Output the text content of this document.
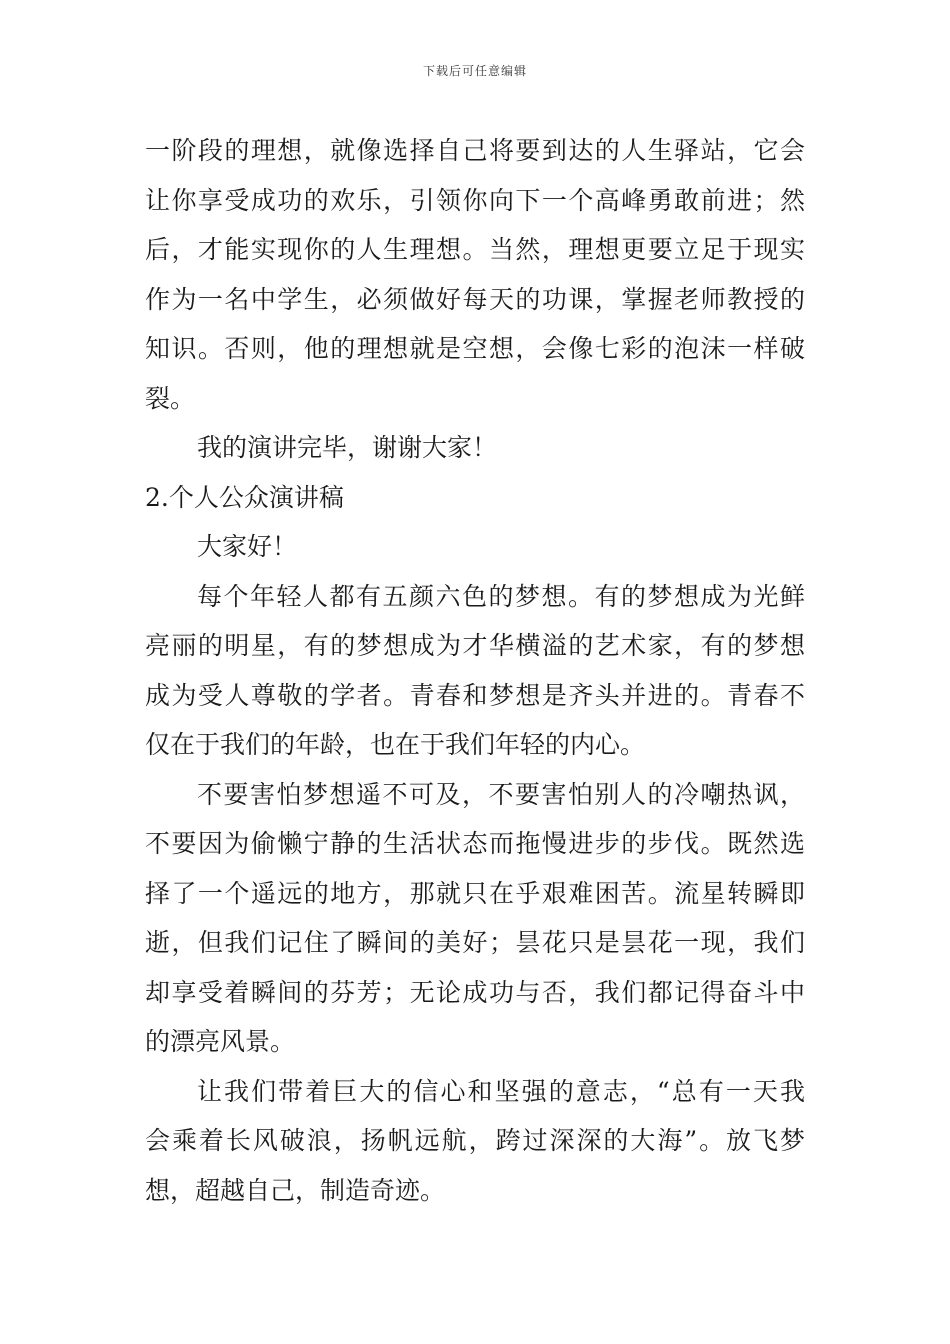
下载后可任意编辑
一阶段的理想，就像选择自己将要到达的人生驿站，它会
让你享受成功的欢乐，引领你向下一个高峰勇敢前进；然
后，才能实现你的人生理想。当然，理想更要立足于现实
作为一名中学生，必须做好每天的功课，掌握老师教授的
知识。否则，他的理想就是空想，会像七彩的泡沫一样破
裂。
我的演讲完毕，谢谢大家！
2.个人公众演讲稿
大家好！
每个年轻人都有五颜六色的梦想。有的梦想成为光鲜
亮丽的明星，有的梦想成为才华横溢的艺术家，有的梦想
成为受人尊敬的学者。青春和梦想是齐头并进的。青春不
仅在于我们的年龄，也在于我们年轻的内心。
不要害怕梦想遥不可及，不要害怕别人的冷嘲热讽，
不要因为偷懒宁静的生活状态而拖慢进步的步伐。既然选
择了一个遥远的地方，那就只在乎艰难困苦。流星转瞬即
逝，但我们记住了瞬间的美好；昙花只是昙花一现，我们
却享受着瞬间的芬芳；无论成功与否，我们都记得奋斗中
的漂亮风景。
让我们带着巨大的信心和坚强的意志，“总有一天我
会乘着长风破浪，扬帆远航，跨过深深的大海”。放飞梦
想，超越自己，制造奇迹。
